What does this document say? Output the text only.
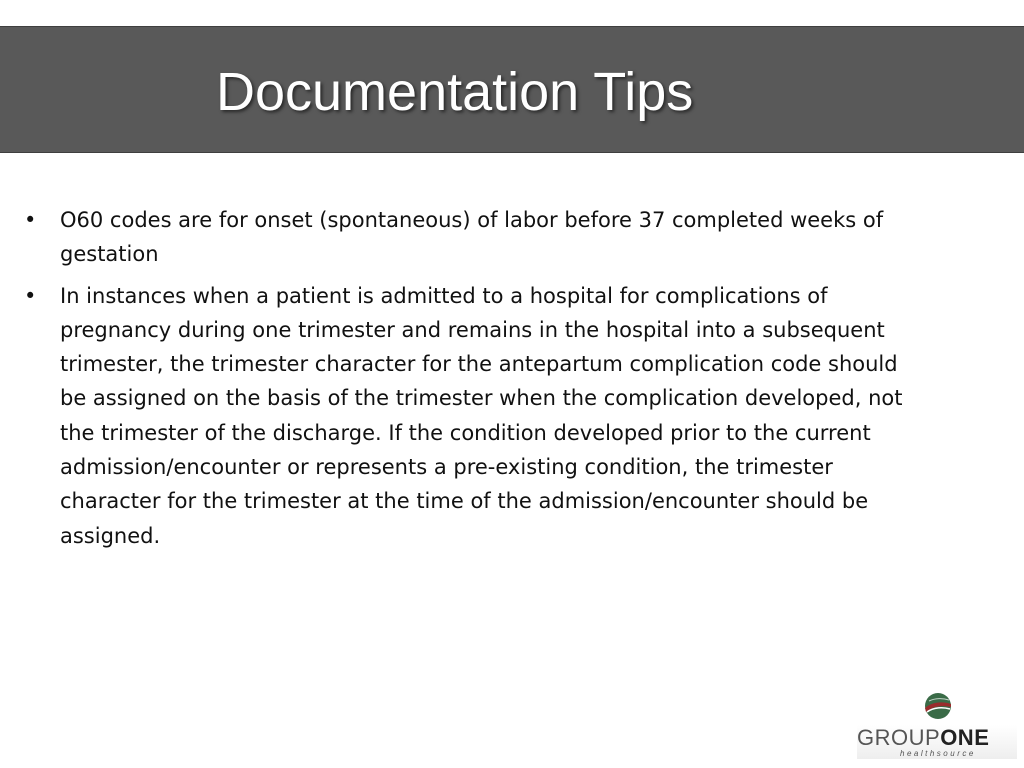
Documentation Tips
•	O60 codes are for onset (spontaneous) of labor before 37 completed weeks of gestation
•	In instances when a patient is admitted to a hospital for complications of pregnancy during one trimester and remains in the hospital into a subsequent trimester, the trimester character for the antepartum complication code should be assigned on the basis of the trimester when the complication developed, not the trimester of the discharge. If the condition developed prior to the current admission/encounter or represents a pre-existing condition, the trimester character for the trimester at the time of the admission/encounter should be assigned.
GROUPONE
healthsource
